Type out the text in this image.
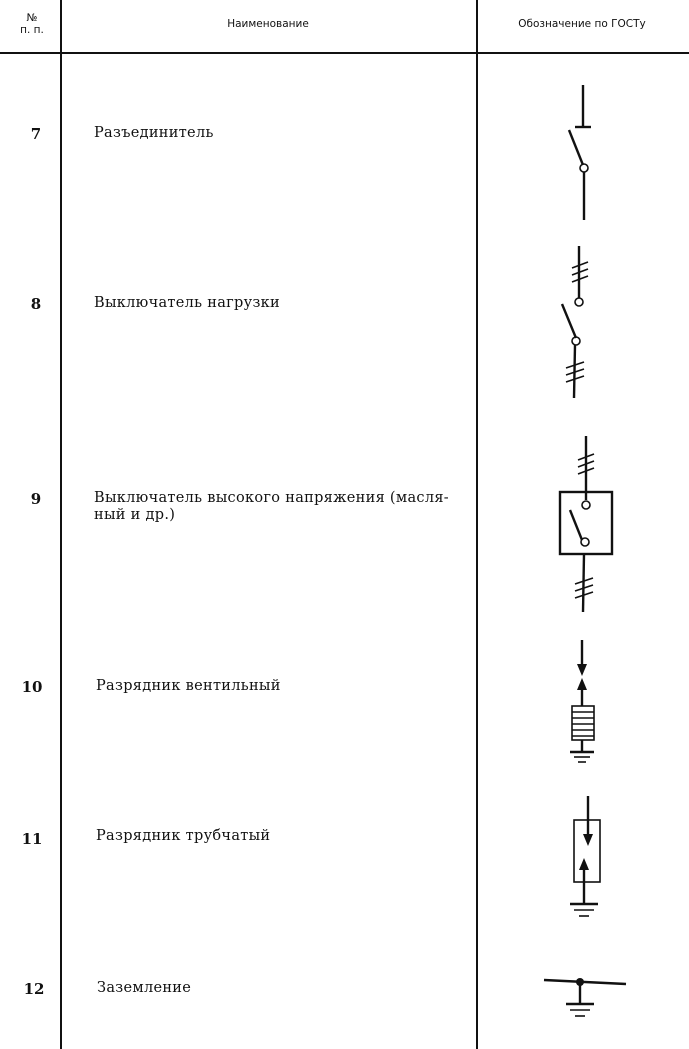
№
п. п.	Наименование	Обозначение по ГОСТу
7	Разъединитель
8	Выключатель нагрузки
9	Выключатель высокого напряжения (масля-
ный и др.)
10	Разрядник вентильный
11	Разрядник трубчатый
12	Заземление
